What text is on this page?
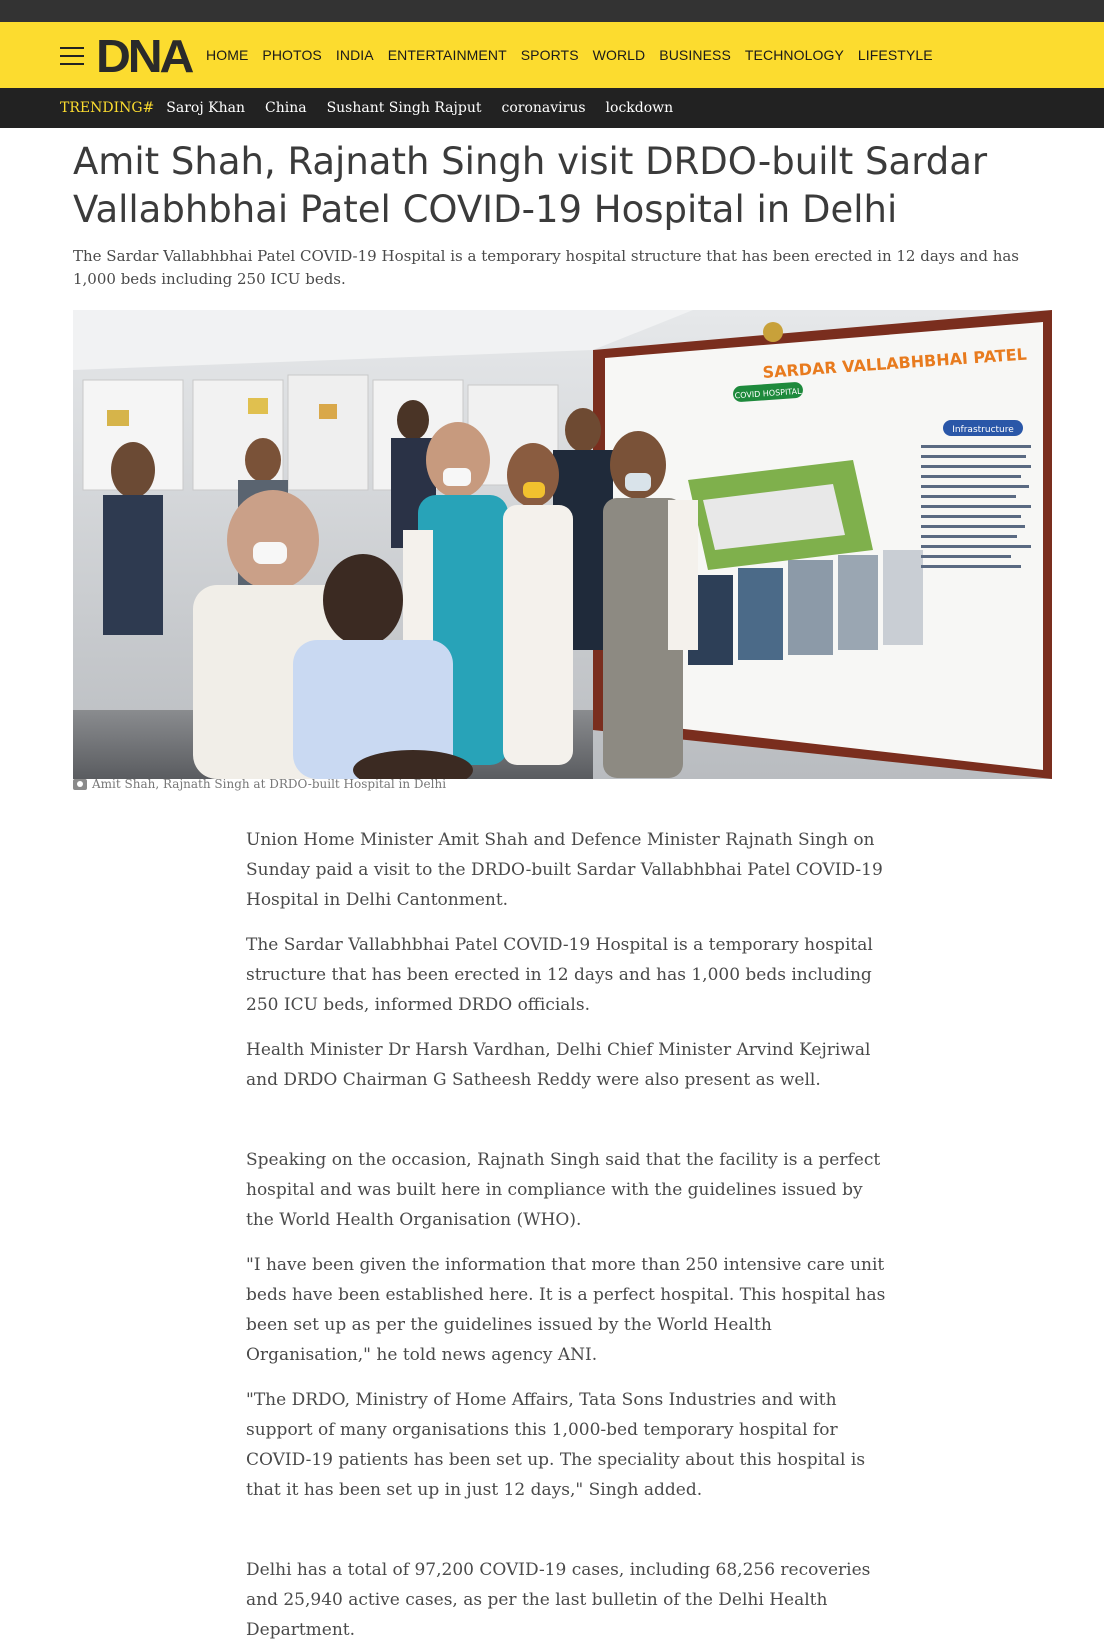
DNA HOME PHOTOS INDIA ENTERTAINMENT SPORTS WORLD BUSINESS TECHNOLOGY LIFESTYLE
TRENDING# Saroj Khan China Sushant Singh Rajput coronavirus lockdown
Amit Shah, Rajnath Singh visit DRDO-built Sardar Vallabhbhai Patel COVID-19 Hospital in Delhi

The Sardar Vallabhbhai Patel COVID-19 Hospital is a temporary hospital structure that has been erected in 12 days and has 1,000 beds including 250 ICU beds.

Infrastructure
SARDAR VALLABHBHAI PATEL
COVID HOSPITAL
Amit Shah, Rajnath Singh at DRDO-built Hospital in Delhi

Union Home Minister Amit Shah and Defence Minister Rajnath Singh on Sunday paid a visit to the DRDO-built Sardar Vallabhbhai Patel COVID-19 Hospital in Delhi Cantonment.

The Sardar Vallabhbhai Patel COVID-19 Hospital is a temporary hospital structure that has been erected in 12 days and has 1,000 beds including 250 ICU beds, informed DRDO officials.

Health Minister Dr Harsh Vardhan, Delhi Chief Minister Arvind Kejriwal and DRDO Chairman G Satheesh Reddy were also present as well.

Speaking on the occasion, Rajnath Singh said that the facility is a perfect hospital and was built here in compliance with the guidelines issued by the World Health Organisation (WHO).

"I have been given the information that more than 250 intensive care unit beds have been established here. It is a perfect hospital. This hospital has been set up as per the guidelines issued by the World Health Organisation," he told news agency ANI.

"The DRDO, Ministry of Home Affairs, Tata Sons Industries and with support of many organisations this 1,000-bed temporary hospital for COVID-19 patients has been set up. The speciality about this hospital is that it has been set up in just 12 days," Singh added.

Delhi has a total of 97,200 COVID-19 cases, including 68,256 recoveries and 25,940 active cases, as per the last bulletin of the Delhi Health Department.
